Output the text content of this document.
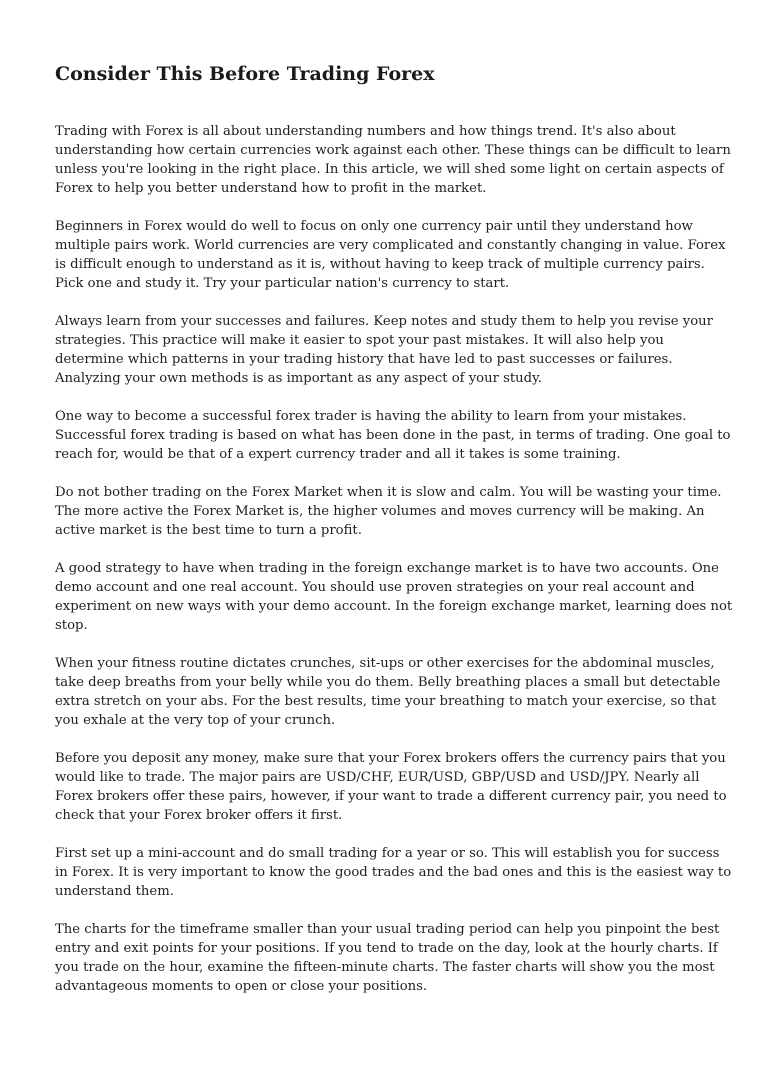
Consider This Before Trading Forex

Trading with Forex is all about understanding numbers and how things trend. It's also about
understanding how certain currencies work against each other. These things can be difficult to learn
unless you're looking in the right place. In this article, we will shed some light on certain aspects of
Forex to help you better understand how to profit in the market.

Beginners in Forex would do well to focus on only one currency pair until they understand how
multiple pairs work. World currencies are very complicated and constantly changing in value. Forex
is difficult enough to understand as it is, without having to keep track of multiple currency pairs.
Pick one and study it. Try your particular nation's currency to start.

Always learn from your successes and failures. Keep notes and study them to help you revise your
strategies. This practice will make it easier to spot your past mistakes. It will also help you
determine which patterns in your trading history that have led to past successes or failures.
Analyzing your own methods is as important as any aspect of your study.

One way to become a successful forex trader is having the ability to learn from your mistakes.
Successful forex trading is based on what has been done in the past, in terms of trading. One goal to
reach for, would be that of a expert currency trader and all it takes is some training.

Do not bother trading on the Forex Market when it is slow and calm. You will be wasting your time.
The more active the Forex Market is, the higher volumes and moves currency will be making. An
active market is the best time to turn a profit.

A good strategy to have when trading in the foreign exchange market is to have two accounts. One
demo account and one real account. You should use proven strategies on your real account and
experiment on new ways with your demo account. In the foreign exchange market, learning does not
stop.

When your fitness routine dictates crunches, sit-ups or other exercises for the abdominal muscles,
take deep breaths from your belly while you do them. Belly breathing places a small but detectable
extra stretch on your abs. For the best results, time your breathing to match your exercise, so that
you exhale at the very top of your crunch.

Before you deposit any money, make sure that your Forex brokers offers the currency pairs that you
would like to trade. The major pairs are USD/CHF, EUR/USD, GBP/USD and USD/JPY. Nearly all
Forex brokers offer these pairs, however, if your want to trade a different currency pair, you need to
check that your Forex broker offers it first.

First set up a mini-account and do small trading for a year or so. This will establish you for success
in Forex. It is very important to know the good trades and the bad ones and this is the easiest way to
understand them.

The charts for the timeframe smaller than your usual trading period can help you pinpoint the best
entry and exit points for your positions. If you tend to trade on the day, look at the hourly charts. If
you trade on the hour, examine the fifteen-minute charts. The faster charts will show you the most
advantageous moments to open or close your positions.
